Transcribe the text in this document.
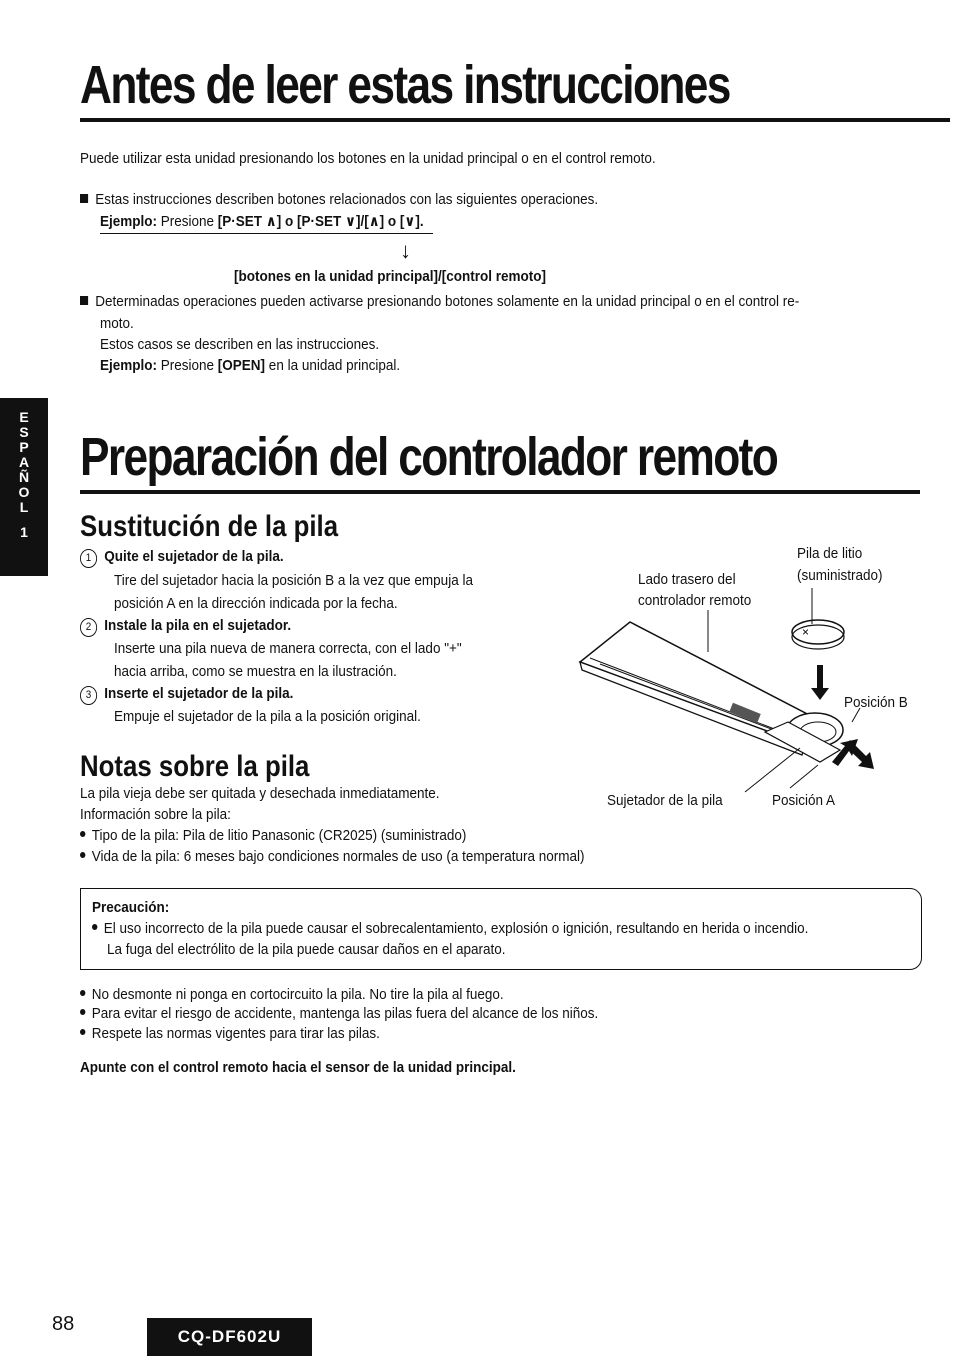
Antes de leer estas instrucciones
Puede utilizar esta unidad presionando los botones en la unidad principal o en el control remoto.
Estas instrucciones describen botones relacionados con las siguientes operaciones.
Ejemplo: Presione [P·SET ∧] o [P·SET ∨]/[∧] o [∨].
↓
[botones en la unidad principal]/[control remoto]
Determinadas operaciones pueden activarse presionando botones solamente en la unidad principal o en el control re-
moto.
Estos casos se describen en las instrucciones.
Ejemplo: Presione [OPEN] en la unidad principal.
E
S
P
A
Ñ
O
L
1
Preparación del controlador remoto
Sustitución de la pila
1 Quite el sujetador de la pila.
Tire del sujetador hacia la posición B a la vez que empuja la
posición A en la dirección indicada por la fecha.
2 Instale la pila en el sujetador.
Inserte una pila nueva de manera correcta, con el lado "+"
hacia arriba, como se muestra en la ilustración.
3 Inserte el sujetador de la pila.
Empuje el sujetador de la pila a la posición original.
Notas sobre la pila
La pila vieja debe ser quitada y desechada inmediatamente.
Información sobre la pila:
Tipo de la pila: Pila de litio Panasonic (CR2025) (suministrado)
Vida de la pila: 6 meses bajo condiciones normales de uso (a temperatura normal)
×
Pila de litio
(suministrado)
Lado trasero del
controlador remoto
Posición B
Sujetador de la pila	Posición A
Precaución:
El uso incorrecto de la pila puede causar el sobrecalentamiento, explosión o ignición, resultando en herida o incendio.
La fuga del electrólito de la pila puede causar daños en el aparato.
No desmonte ni ponga en cortocircuito la pila. No tire la pila al fuego.
Para evitar el riesgo de accidente, mantenga las pilas fuera del alcance de los niños.
Respete las normas vigentes para tirar las pilas.
Apunte con el control remoto hacia el sensor de la unidad principal.
88
CQ-DF602U
